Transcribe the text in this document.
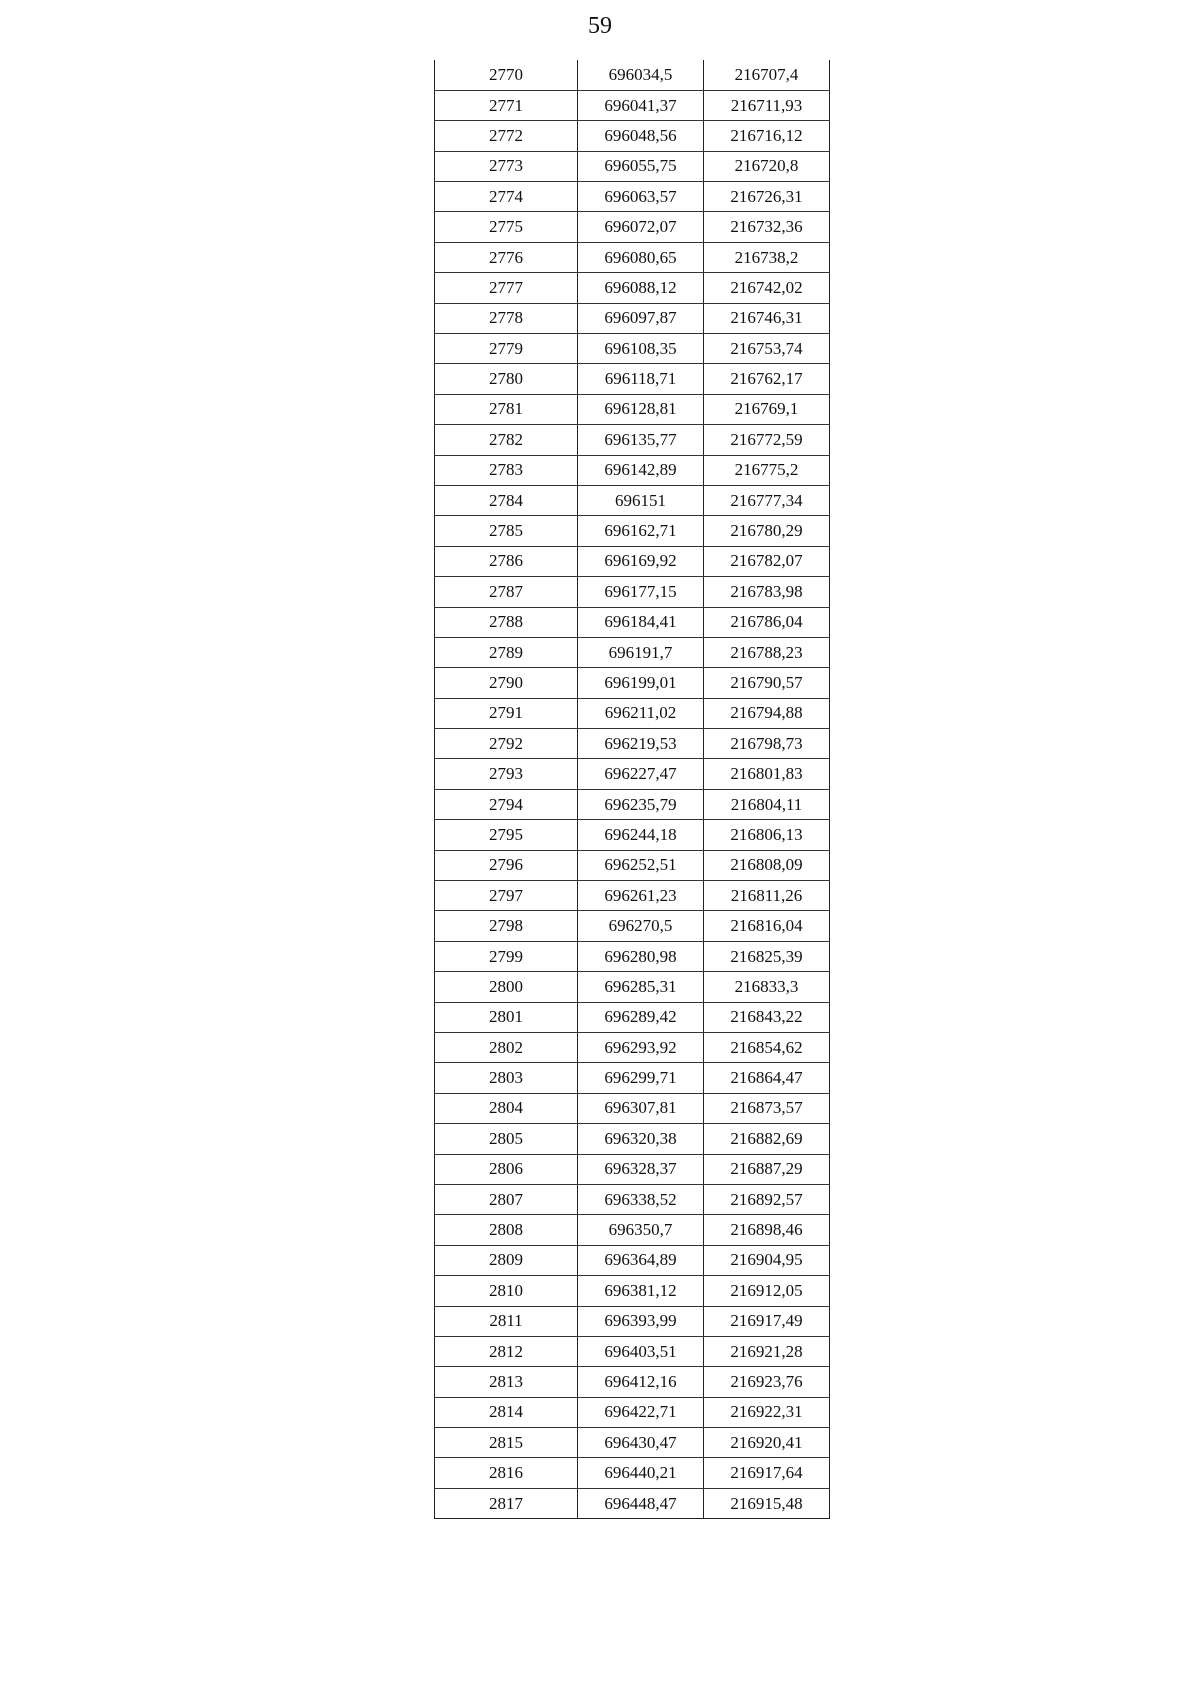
59
2770	696034,5	216707,4
2771	696041,37	216711,93
2772	696048,56	216716,12
2773	696055,75	216720,8
2774	696063,57	216726,31
2775	696072,07	216732,36
2776	696080,65	216738,2
2777	696088,12	216742,02
2778	696097,87	216746,31
2779	696108,35	216753,74
2780	696118,71	216762,17
2781	696128,81	216769,1
2782	696135,77	216772,59
2783	696142,89	216775,2
2784	696151	216777,34
2785	696162,71	216780,29
2786	696169,92	216782,07
2787	696177,15	216783,98
2788	696184,41	216786,04
2789	696191,7	216788,23
2790	696199,01	216790,57
2791	696211,02	216794,88
2792	696219,53	216798,73
2793	696227,47	216801,83
2794	696235,79	216804,11
2795	696244,18	216806,13
2796	696252,51	216808,09
2797	696261,23	216811,26
2798	696270,5	216816,04
2799	696280,98	216825,39
2800	696285,31	216833,3
2801	696289,42	216843,22
2802	696293,92	216854,62
2803	696299,71	216864,47
2804	696307,81	216873,57
2805	696320,38	216882,69
2806	696328,37	216887,29
2807	696338,52	216892,57
2808	696350,7	216898,46
2809	696364,89	216904,95
2810	696381,12	216912,05
2811	696393,99	216917,49
2812	696403,51	216921,28
2813	696412,16	216923,76
2814	696422,71	216922,31
2815	696430,47	216920,41
2816	696440,21	216917,64
2817	696448,47	216915,48
